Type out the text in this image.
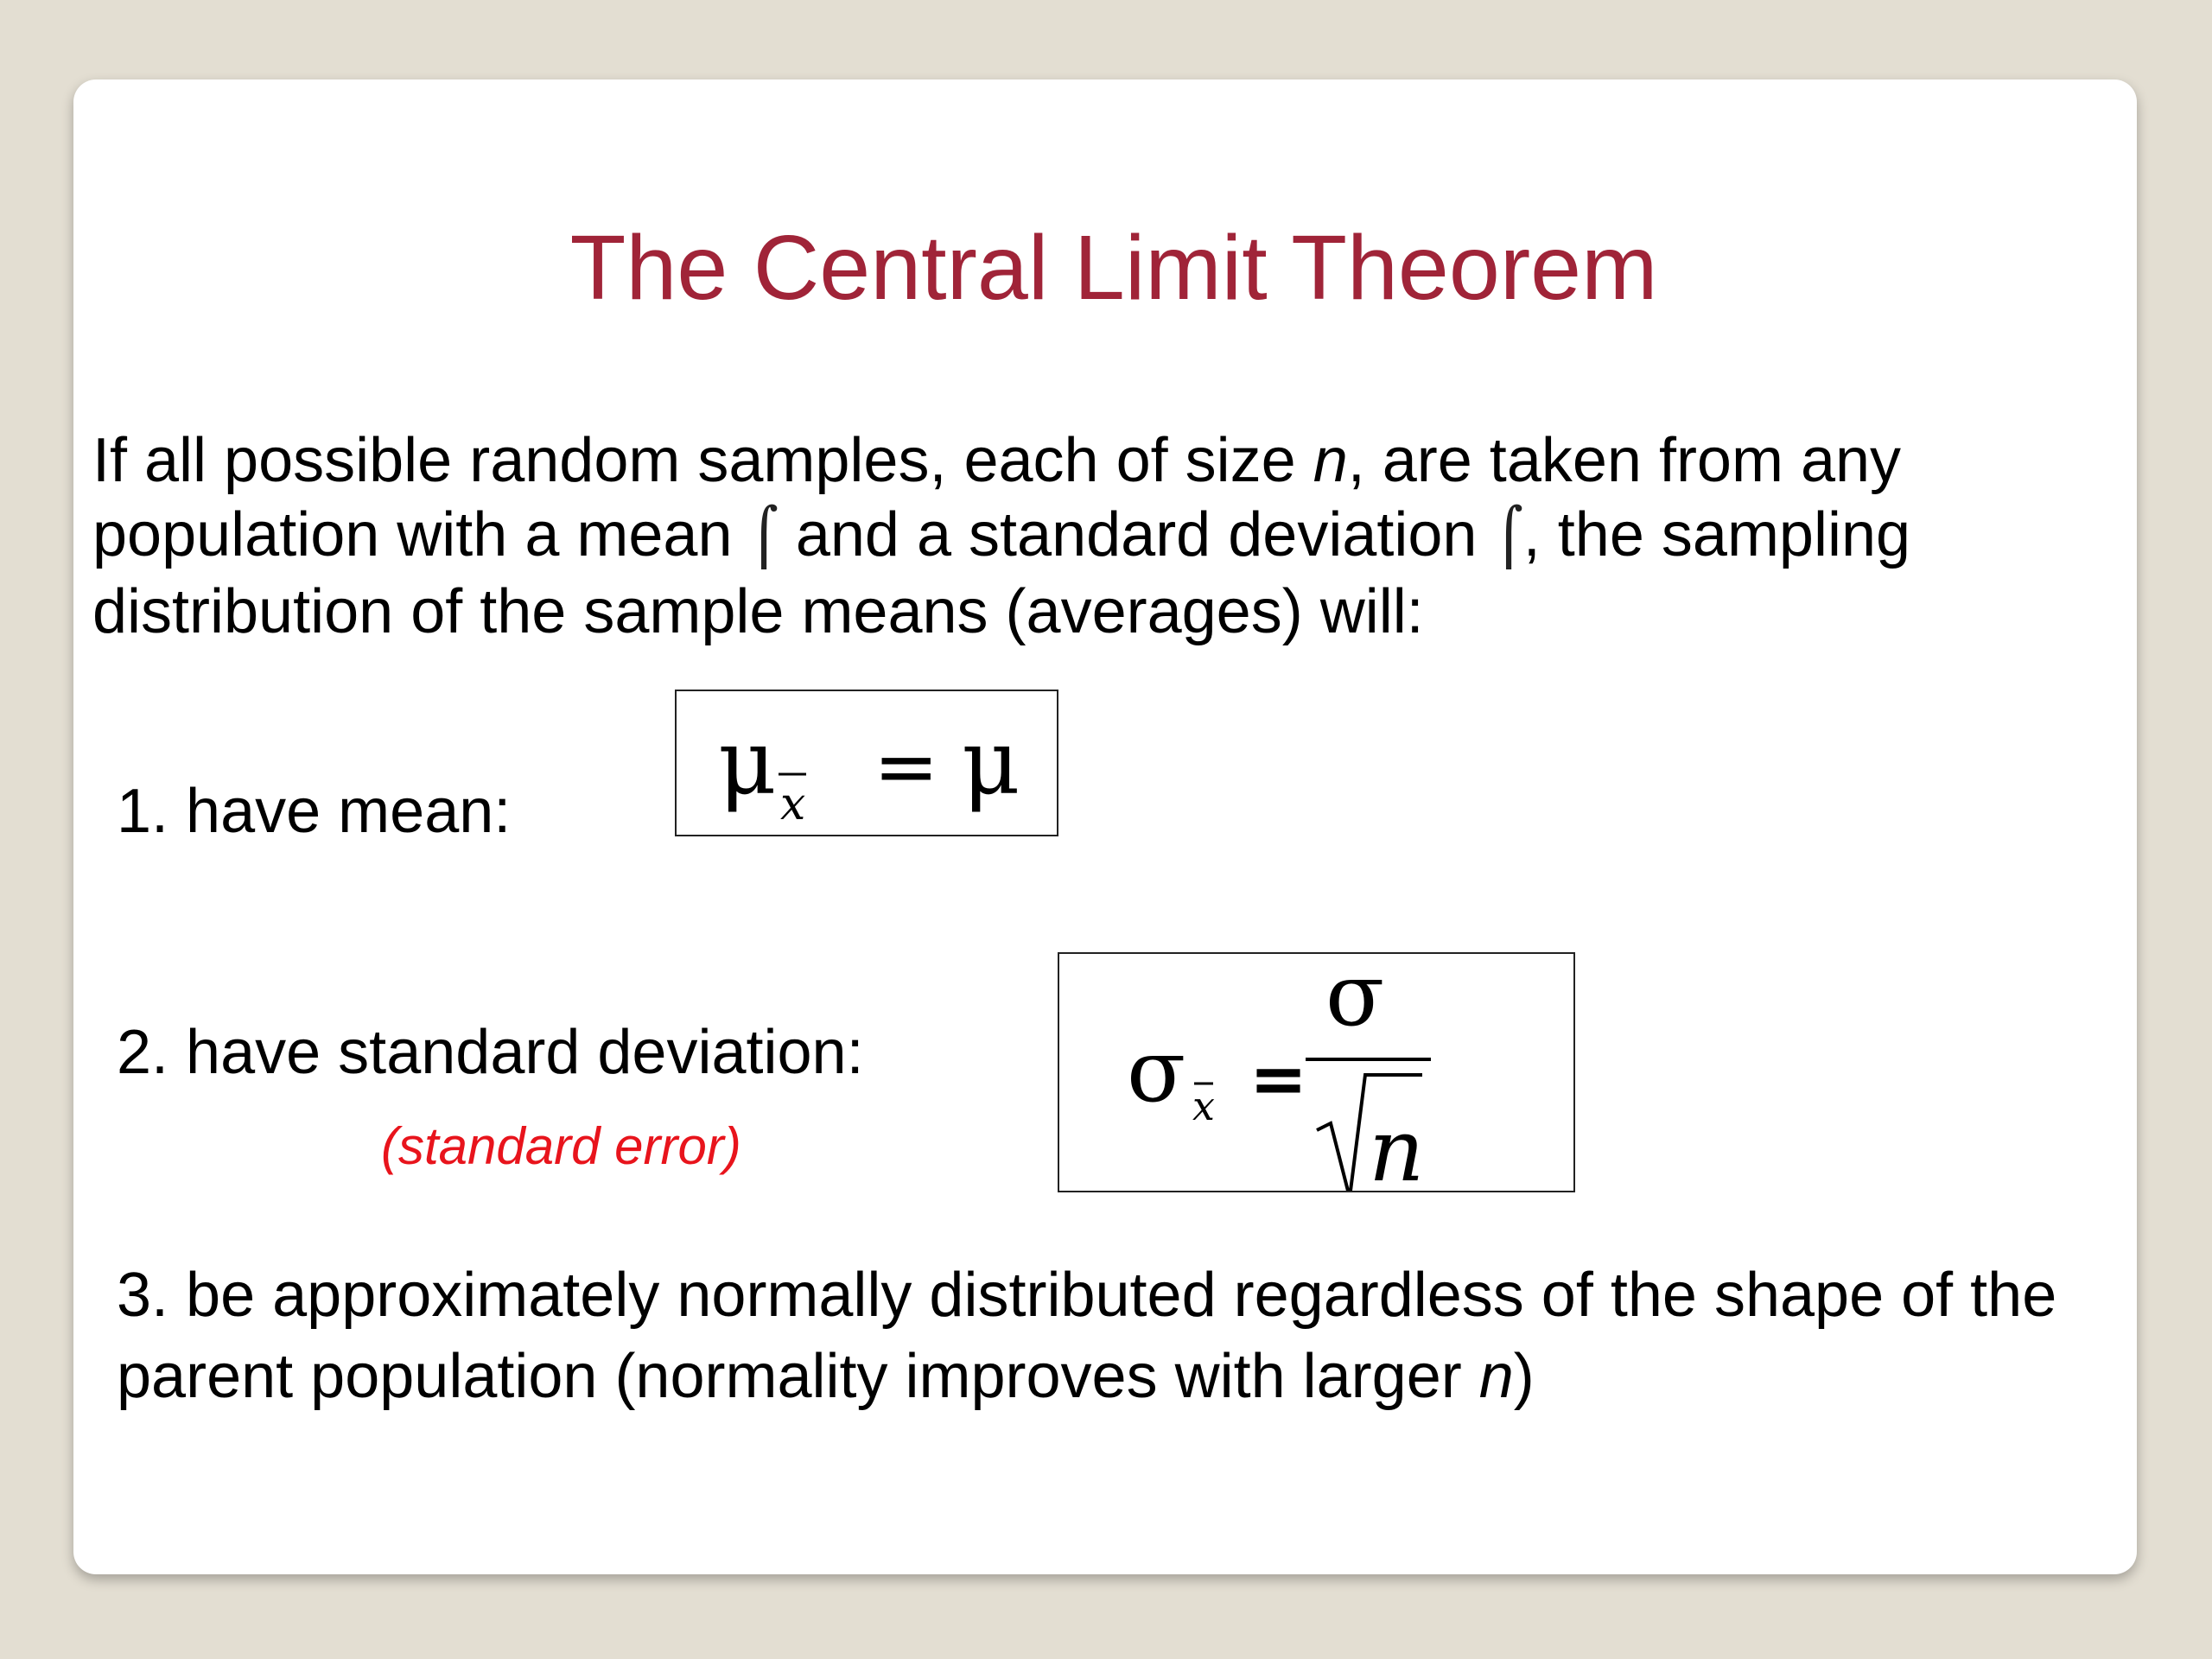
The Central Limit Theorem

If all possible random samples, each of size n, are taken from any population with a mean ⌠ and a standard deviation ⌠, the sampling distribution of the sample means (averages) will:

1. have mean: μ x = μ

2. have standard deviation:

(standard error)
σ x =
σ
n

3. be approximately normally distributed regardless of the shape of the parent population (normality improves with larger n)
